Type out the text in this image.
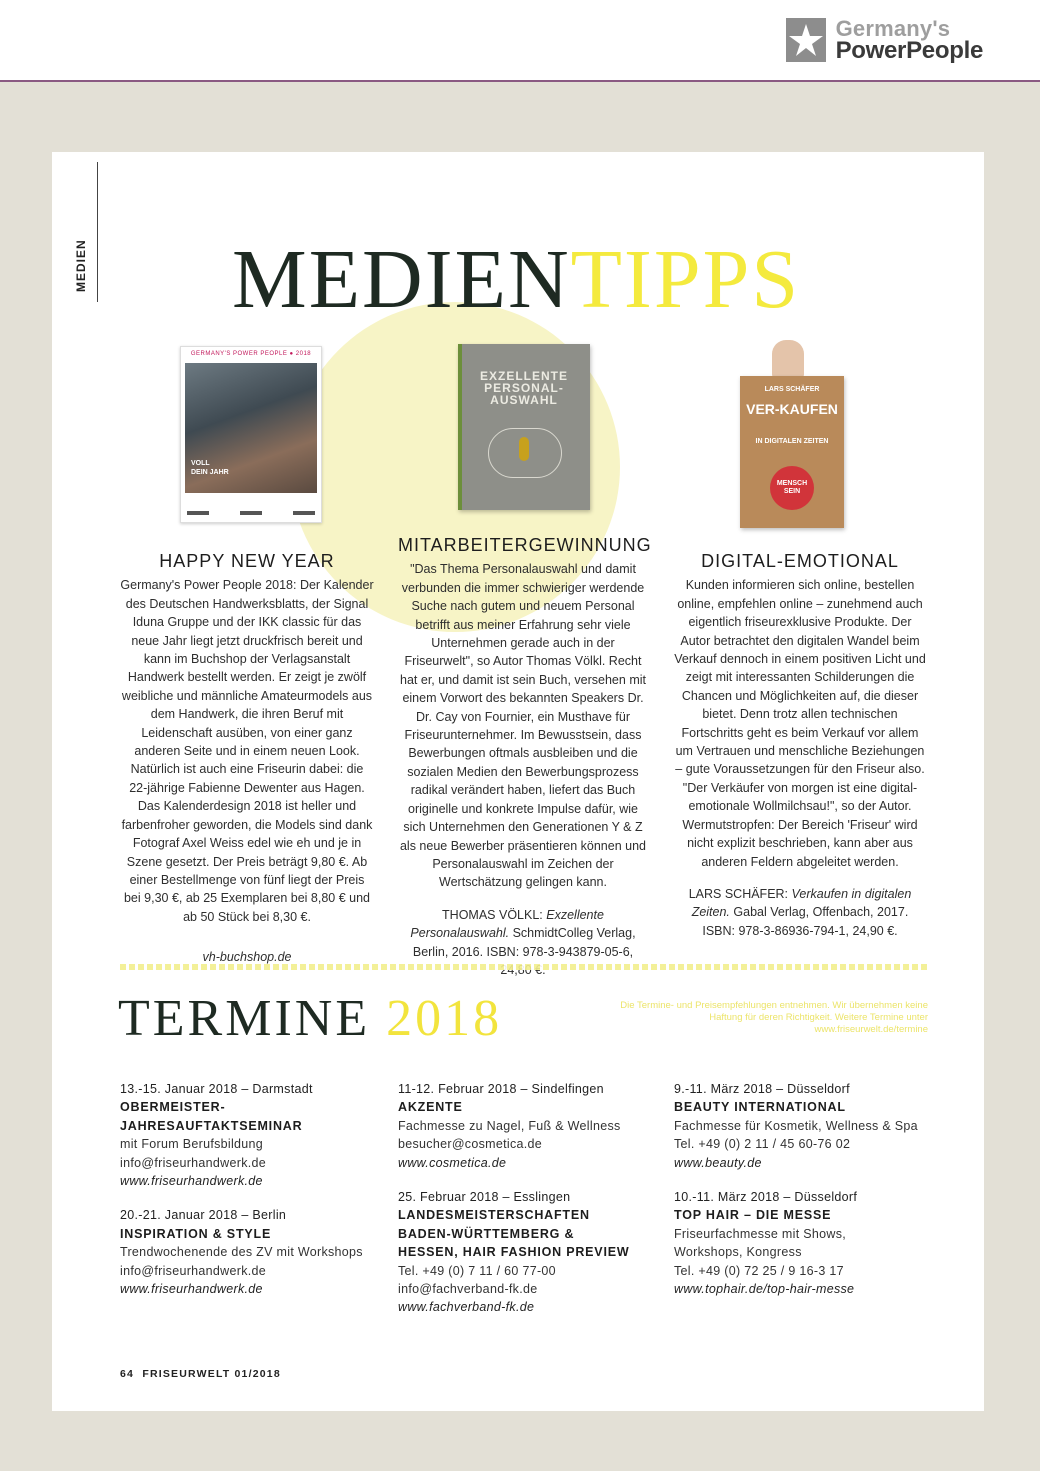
Germany's
PowerPeople
MEDIEN MEDIENTIPPS
GERMANY'S POWER PEOPLE ● 2018
VOLL
DEIN JAHR
EXZELLENTE PERSONAL-AUSWAHL
LARS SCHÄFER
VER-KAUFEN
IN DIGITALEN ZEITEN
MENSCH SEIN
HAPPY NEW YEAR

Germany's Power People 2018: Der Kalender des Deutschen Handwerksblatts, der Signal Iduna Gruppe und der IKK classic für das neue Jahr liegt jetzt druckfrisch bereit und kann im Buchshop der Verlagsanstalt Handwerk bestellt werden. Er zeigt je zwölf weibliche und männliche Amateurmodels aus dem Handwerk, die ihren Beruf mit Leidenschaft ausüben, von einer ganz anderen Seite und in einem neuen Look. Natürlich ist auch eine Friseurin dabei: die 22-jährige Fabienne Dewenter aus Hagen. Das Kalenderdesign 2018 ist heller und farbenfroher geworden, die Models sind dank Fotograf Axel Weiss edel wie eh und je in Szene gesetzt. Der Preis beträgt 9,80 €. Ab einer Bestellmenge von fünf liegt der Preis bei 9,30 €, ab 25 Exemplaren bei 8,80 € und ab 50 Stück bei 8,30 €.

vh-buchshop.de
MITARBEITERGEWINNUNG

"Das Thema Personalauswahl und damit verbunden die immer schwieriger werdende Suche nach gutem und neuem Personal betrifft aus meiner Erfahrung sehr viele Unternehmen gerade auch in der Friseurwelt", so Autor Thomas Völkl. Recht hat er, und damit ist sein Buch, versehen mit einem Vorwort des bekannten Speakers Dr. Dr. Cay von Fournier, ein Musthave für Friseurunternehmer. Im Bewusstsein, dass Bewerbungen oftmals ausbleiben und die sozialen Medien den Bewerbungsprozess radikal verändert haben, liefert das Buch originelle und konkrete Impulse dafür, wie sich Unternehmen den Generationen Y & Z als neue Bewerber präsentieren können und Personalauswahl im Zeichen der Wertschätzung gelingen kann.

THOMAS VÖLKL: Exzellente Personalauswahl. SchmidtColleg Verlag, Berlin, 2016. ISBN: 978-3-943879-05-6,
DIGITAL-EMOTIONAL

Kunden informieren sich online, bestellen online, empfehlen online – zunehmend auch eigentlich friseurexklusive Produkte. Der Autor betrachtet den digitalen Wandel beim Verkauf dennoch in einem positiven Licht und zeigt mit interessanten Schilderungen die Chancen und Möglichkeiten auf, die dieser bietet. Denn trotz allen technischen Fortschritts geht es beim Verkauf vor allem um Vertrauen und menschliche Beziehungen – gute Voraussetzungen für den Friseur also. "Der Verkäufer von morgen ist eine digital-emotionale Wollmilchsau!", so der Autor. Wermutstropfen: Der Bereich 'Friseur' wird nicht explizit beschrieben, kann aber aus anderen Feldern abgeleitet werden.

LARS SCHÄFER: Verkaufen in digitalen Zeiten. Gabal Verlag, Offenbach, 2017. ISBN: 978-3-86936-794-1, 24,90 €.
TERMINE 2018	Die Termine- und Preisempfehlungen entnehmen. Wir übernehmen keine Haftung für deren Richtigkeit. Weitere Termine unter www.friseurwelt.de/termine
13.-15. Januar 2018 – Darmstadt
OBERMEISTER-
JAHRESAUFTAKTSEMINAR
mit Forum Berufsbildung
info@friseurhandwerk.de
www.friseurhandwerk.de
20.-21. Januar 2018 – Berlin
INSPIRATION & STYLE
Trendwochenende des ZV mit Workshops
info@friseurhandwerk.de
www.friseurhandwerk.de
11-12. Februar 2018 – Sindelfingen
AKZENTE
Fachmesse zu Nagel, Fuß & Wellness
besucher@cosmetica.de
www.cosmetica.de
25. Februar 2018 – Esslingen
LANDESMEISTERSCHAFTEN
BADEN-WÜRTTEMBERG &
HESSEN, HAIR FASHION PREVIEW
Tel. +49 (0) 7 11 / 60 77-00
info@fachverband-fk.de
www.fachverband-fk.de
9.-11. März 2018 – Düsseldorf
BEAUTY INTERNATIONAL
Fachmesse für Kosmetik, Wellness & Spa
Tel. +49 (0) 2 11 / 45 60-76 02
www.beauty.de
10.-11. März 2018 – Düsseldorf
TOP HAIR – DIE MESSE
Friseurfachmesse mit Shows,
Workshops, Kongress
Tel. +49 (0) 72 25 / 9 16-3 17
www.tophair.de/top-hair-messe
64 FRISEURWELT 01/2018
